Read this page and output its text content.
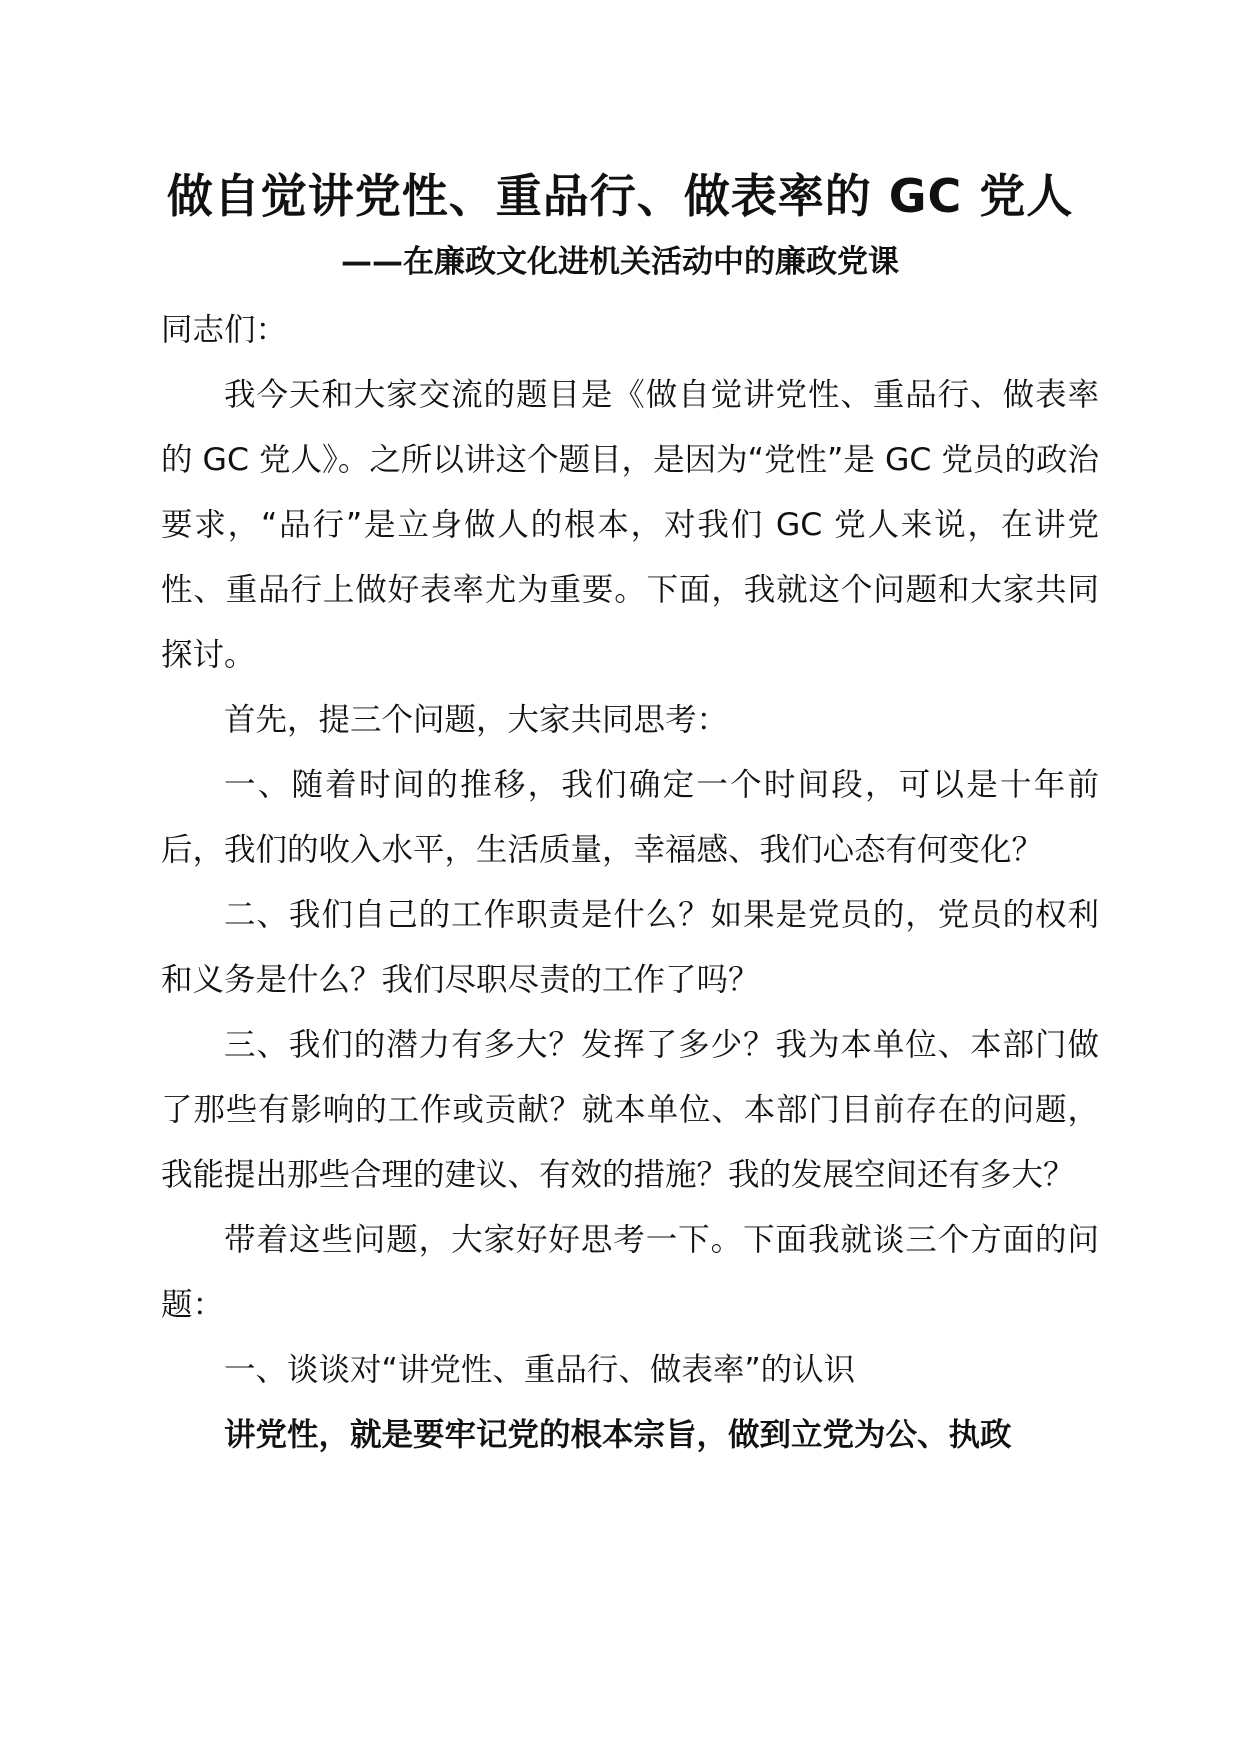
做自觉讲党性、重品行、做表率的 GC 党人
——在廉政文化进机关活动中的廉政党课

同志们：

我今天和大家交流的题目是《做自觉讲党性、重品行、做表率的 GC 党人》。之所以讲这个题目，是因为“党性”是 GC 党员的政治要求，“品行”是立身做人的根本，对我们 GC 党人来说，在讲党性、重品行上做好表率尤为重要。下面，我就这个问题和大家共同探讨。

首先，提三个问题，大家共同思考：

一、随着时间的推移，我们确定一个时间段，可以是十年前后，我们的收入水平，生活质量，幸福感、我们心态有何变化？

二、我们自己的工作职责是什么？如果是党员的，党员的权利和义务是什么？我们尽职尽责的工作了吗？

三、我们的潜力有多大？发挥了多少？我为本单位、本部门做了那些有影响的工作或贡献？就本单位、本部门目前存在的问题，我能提出那些合理的建议、有效的措施？我的发展空间还有多大？

带着这些问题，大家好好思考一下。下面我就谈三个方面的问题：

一、谈谈对“讲党性、重品行、做表率”的认识

讲党性，就是要牢记党的根本宗旨，做到立党为公、执政
